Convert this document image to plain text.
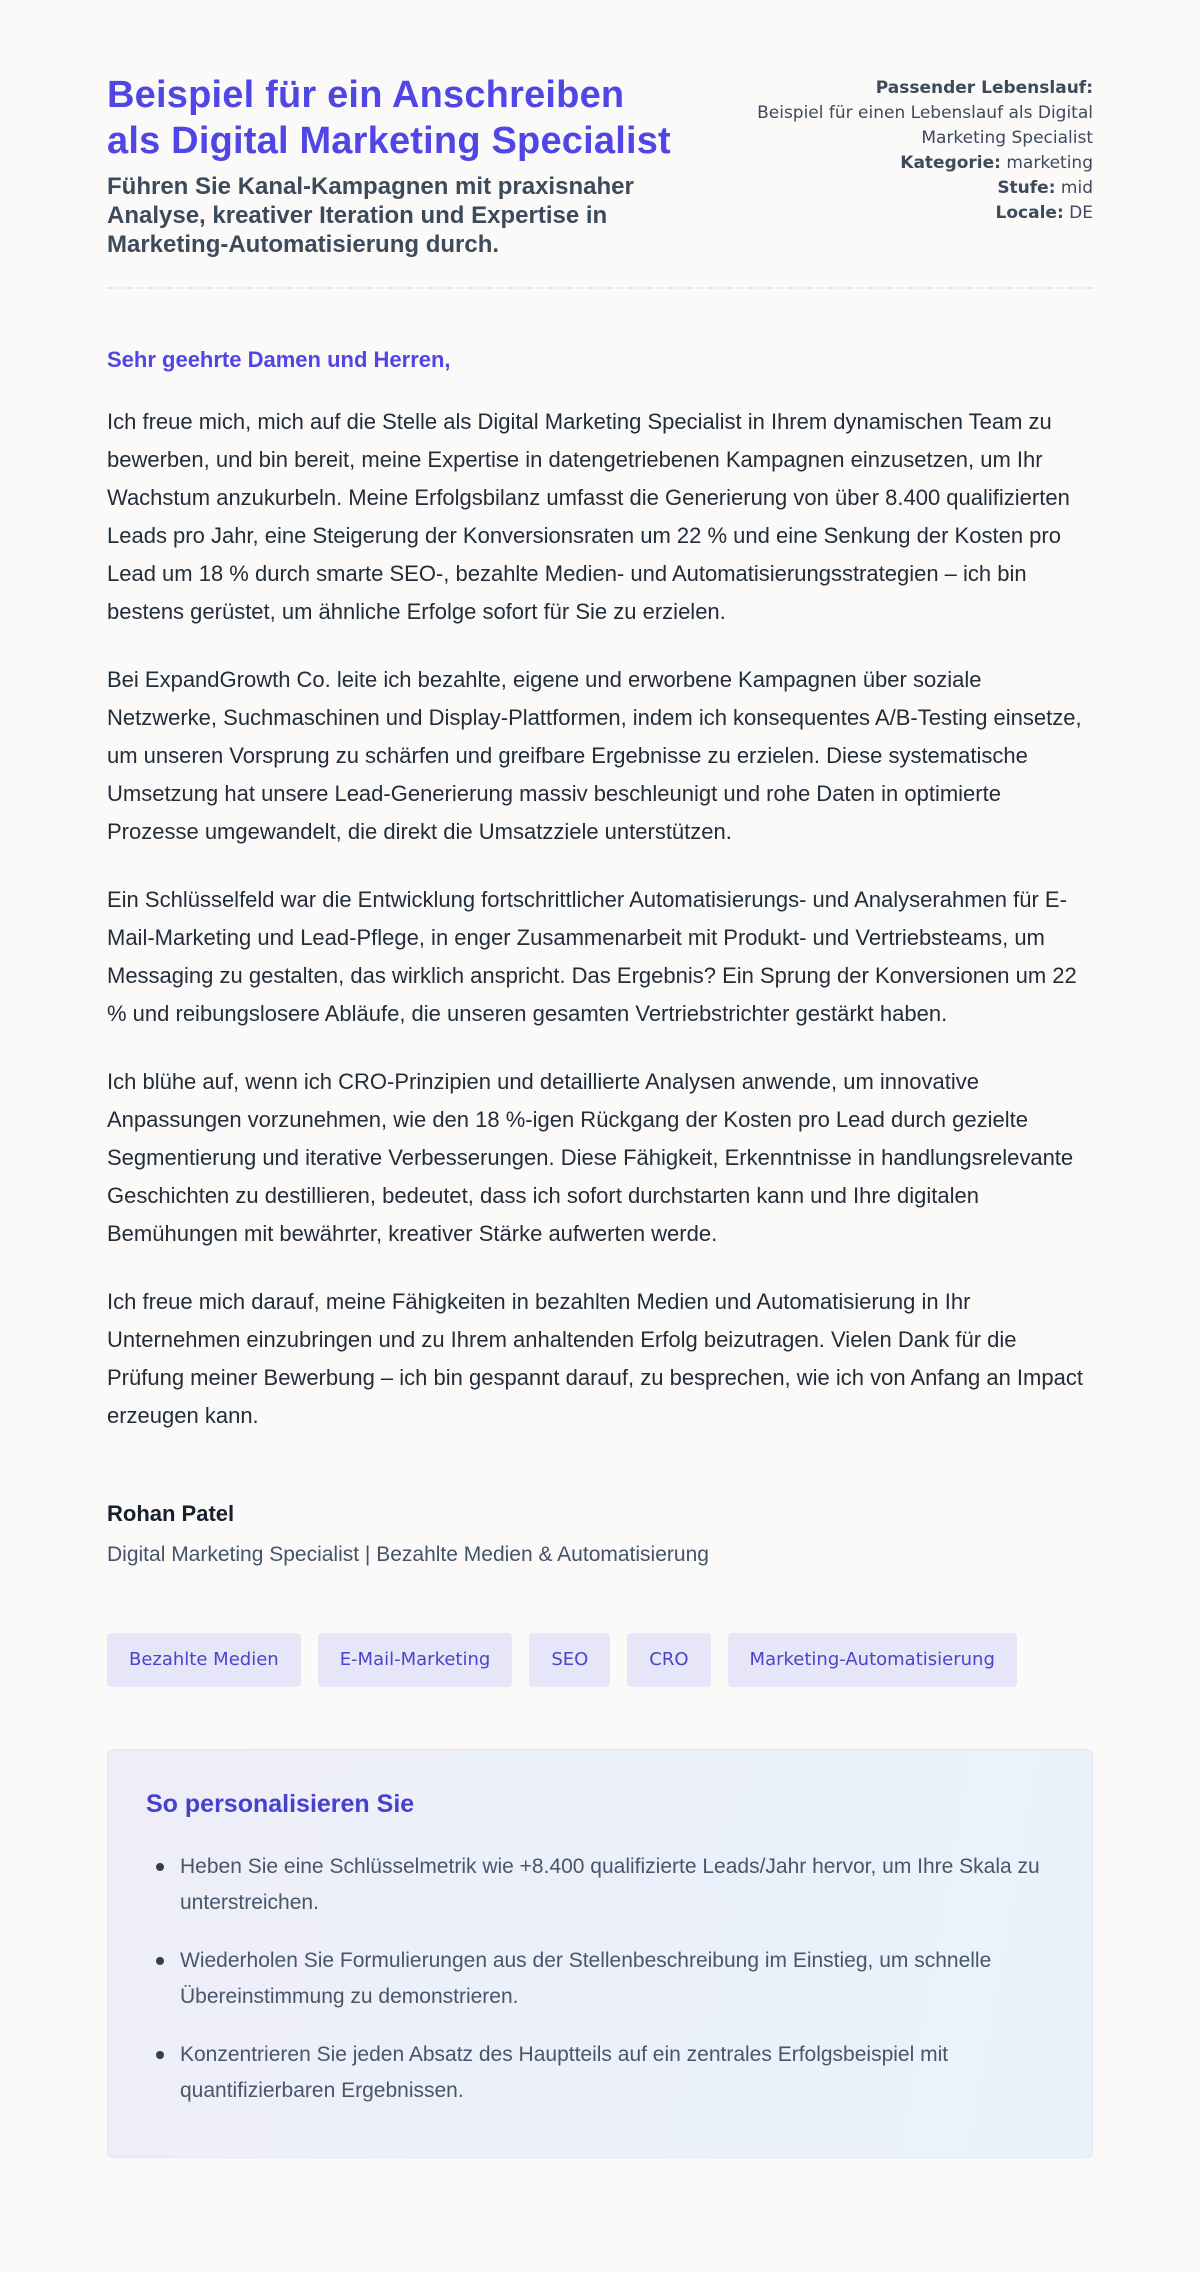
Beispiel für ein Anschreiben als Digital Marketing Specialist
Führen Sie Kanal-Kampagnen mit praxisnaher Analyse, kreativer Iteration und Expertise in Marketing-Automatisierung durch.
Passender Lebenslauf:
Beispiel für einen Lebenslauf als Digital Marketing Specialist
Kategorie: marketing
Stufe: mid
Locale: DE
Sehr geehrte Damen und Herren,

Ich freue mich, mich auf die Stelle als Digital Marketing Specialist in Ihrem dynamischen Team zu bewerben, und bin bereit, meine Expertise in datengetriebenen Kampagnen einzusetzen, um Ihr Wachstum anzukurbeln. Meine Erfolgsbilanz umfasst die Generierung von über 8.400 qualifizierten Leads pro Jahr, eine Steigerung der Konversionsraten um 22 % und eine Senkung der Kosten pro Lead um 18 % durch smarte SEO-, bezahlte Medien- und Automatisierungsstrategien – ich bin bestens gerüstet, um ähnliche Erfolge sofort für Sie zu erzielen.

Bei ExpandGrowth Co. leite ich bezahlte, eigene und erworbene Kampagnen über soziale Netzwerke, Suchmaschinen und Display-Plattformen, indem ich konsequentes A/B-Testing einsetze, um unseren Vorsprung zu schärfen und greifbare Ergebnisse zu erzielen. Diese systematische Umsetzung hat unsere Lead-Generierung massiv beschleunigt und rohe Daten in optimierte Prozesse umgewandelt, die direkt die Umsatzziele unterstützen.

Ein Schlüsselfeld war die Entwicklung fortschrittlicher Automatisierungs- und Analyserahmen für E-Mail-Marketing und Lead-Pflege, in enger Zusammenarbeit mit Produkt- und Vertriebsteams, um Messaging zu gestalten, das wirklich anspricht. Das Ergebnis? Ein Sprung der Konversionen um 22 % und reibungslosere Abläufe, die unseren gesamten Vertriebstrichter gestärkt haben.

Ich blühe auf, wenn ich CRO-Prinzipien und detaillierte Analysen anwende, um innovative Anpassungen vorzunehmen, wie den 18 %-igen Rückgang der Kosten pro Lead durch gezielte Segmentierung und iterative Verbesserungen. Diese Fähigkeit, Erkenntnisse in handlungsrelevante Geschichten zu destillieren, bedeutet, dass ich sofort durchstarten kann und Ihre digitalen Bemühungen mit bewährter, kreativer Stärke aufwerten werde.

Ich freue mich darauf, meine Fähigkeiten in bezahlten Medien und Automatisierung in Ihr Unternehmen einzubringen und zu Ihrem anhaltenden Erfolg beizutragen. Vielen Dank für die Prüfung meiner Bewerbung – ich bin gespannt darauf, zu besprechen, wie ich von Anfang an Impact erzeugen kann.

Rohan Patel
Digital Marketing Specialist | Bezahlte Medien & Automatisierung
Bezahlte Medien	E-Mail-Marketing	SEO	CRO	Marketing-Automatisierung
So personalisieren Sie
Heben Sie eine Schlüsselmetrik wie +8.400 qualifizierte Leads/Jahr hervor, um Ihre Skala zu unterstreichen.
Wiederholen Sie Formulierungen aus der Stellenbeschreibung im Einstieg, um schnelle Übereinstimmung zu demonstrieren.
Konzentrieren Sie jeden Absatz des Hauptteils auf ein zentrales Erfolgsbeispiel mit quantifizierbaren Ergebnissen.
